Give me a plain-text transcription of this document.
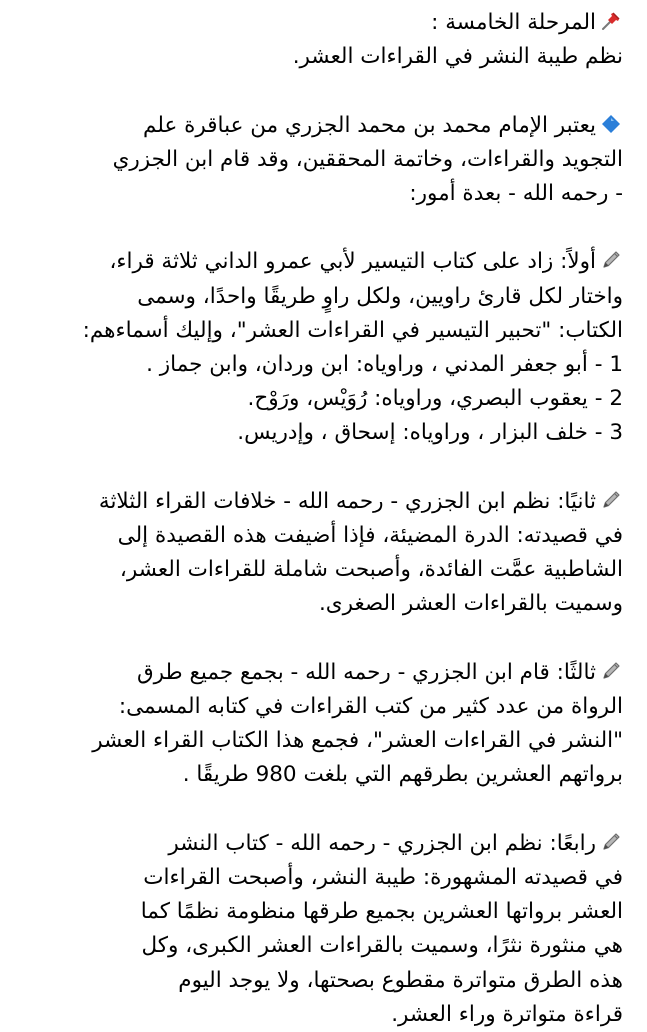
المرحلة الخامسة :
نظم طيبة النشر في القراءات العشر.
يعتبر الإمام محمد بن محمد الجزري من عباقرة علم
التجويد والقراءات، وخاتمة المحققين، وقد قام ابن الجزري
- رحمه الله - بعدة أمور:
أولاً: زاد على كتاب التيسير لأبي عمرو الداني ثلاثة قراء،
واختار لكل قارئ راويين، ولكل راوٍ طريقًا واحدًا، وسمى
الكتاب: "تحبير التيسير في القراءات العشر"، وإليك أسماءهم:
1 - أبو جعفر المدني ، وراوياه: ابن وردان، وابن جماز .
2 - يعقوب البصري، وراوياه: رُوَيْس، ورَوْح.
3 - خلف البزار ، وراوياه: إسحاق ، وإدريس.
ثانيًا: نظم ابن الجزري - رحمه الله - خلافات القراء الثلاثة
في قصيدته: الدرة المضيئة، فإذا أضيفت هذه القصيدة إلى
الشاطبية عمَّت الفائدة، وأصبحت شاملة للقراءات العشر،
وسميت بالقراءات العشر الصغرى.
ثالثًا: قام ابن الجزري - رحمه الله - بجمع جميع طرق
الرواة من عدد كثير من كتب القراءات في كتابه المسمى:
"النشر في القراءات العشر"، فجمع هذا الكتاب القراء العشر
برواتهم العشرين بطرقهم التي بلغت 980 طريقًا .
رابعًا: نظم ابن الجزري - رحمه الله - كتاب النشر
في قصيدته المشهورة: طيبة النشر، وأصبحت القراءات
العشر برواتها العشرين بجميع طرقها منظومة نظمًا كما
هي منثورة نثرًا، وسميت بالقراءات العشر الكبرى، وكل
هذه الطرق متواترة مقطوع بصحتها، ولا يوجد اليوم
قراءة متواترة وراء العشر.
